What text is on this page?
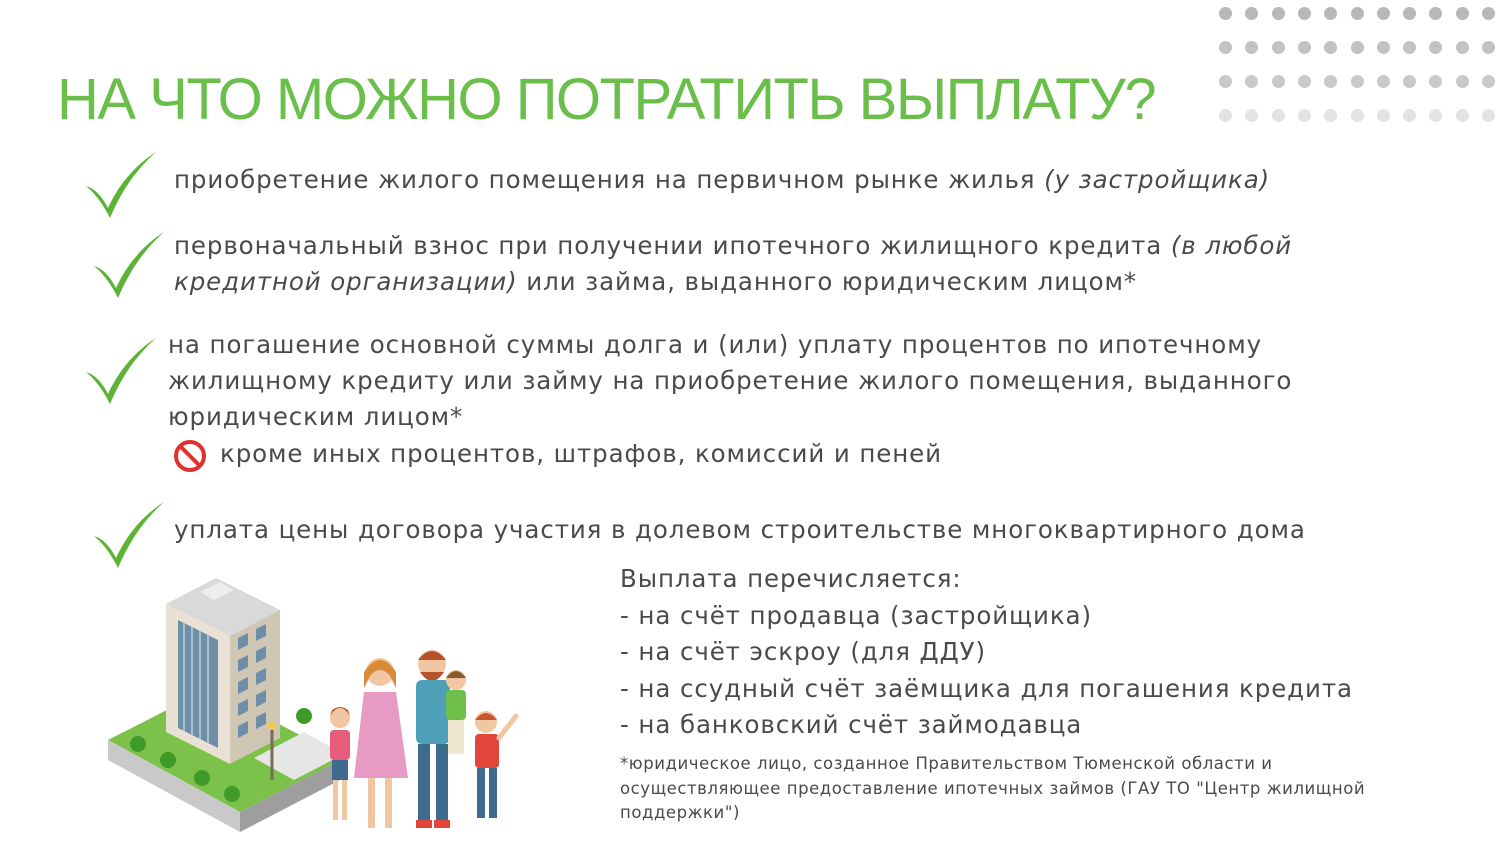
НА ЧТО МОЖНО ПОТРАТИТЬ ВЫПЛАТУ?
приобретение жилого помещения на первичном рынке жилья (у застройщика)
первоначальный взнос при получении ипотечного жилищного кредита (в любой
кредитной организации) или займа, выданного юридическим лицом*
на погашение основной суммы долга и (или) уплату процентов по ипотечному
жилищному кредиту или займу на приобретение жилого помещения, выданного
юридическим лицом*
кроме иных процентов, штрафов, комиссий и пеней
уплата цены договора участия в долевом строительстве многоквартирного дома
Выплата перечисляется:
- на счёт продавца (застройщика)
- на счёт эскроу (для ДДУ)
- на ссудный счёт заёмщика для погашения кредита
- на банковский счёт займодавца
*юридическое лицо, созданное Правительством Тюменской области и
осуществляющее предоставление ипотечных займов (ГАУ ТО "Центр жилищной
поддержки")
